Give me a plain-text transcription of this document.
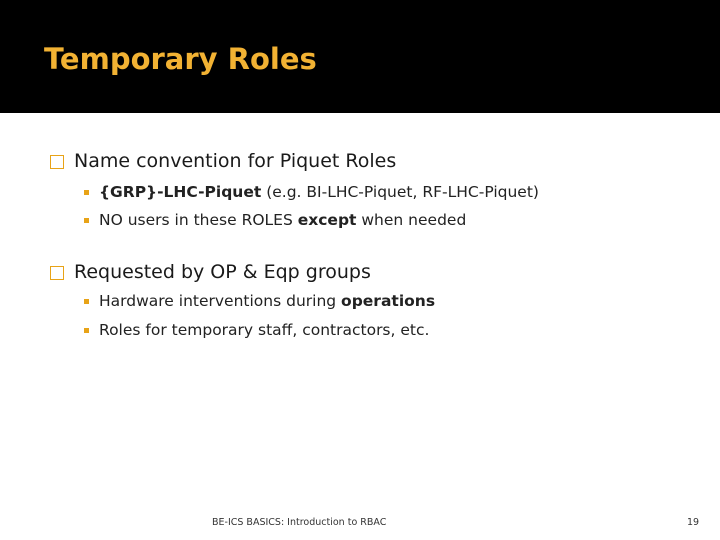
Temporary Roles
Name convention for Piquet Roles
{GRP}-LHC-Piquet (e.g. BI-LHC-Piquet, RF-LHC-Piquet)
NO users in these ROLES except when needed
Requested by OP & Eqp groups
Hardware interventions during operations
Roles for temporary staff, contractors, etc.
BE-ICS BASICS: Introduction to RBAC	19
